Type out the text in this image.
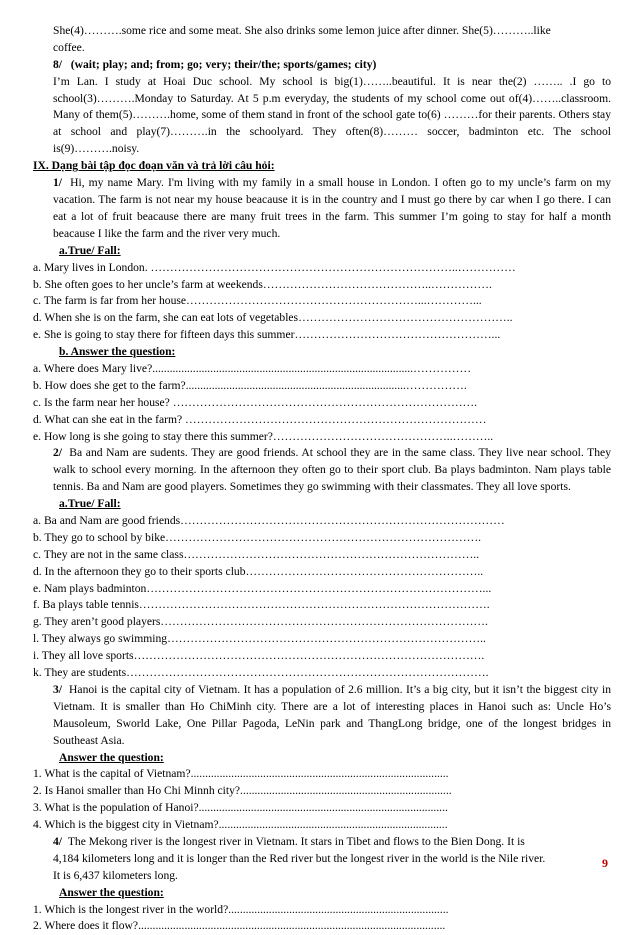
She(4)……….some rice and some meat. She also drinks some lemon juice after dinner. She(5)………..like
coffee.
8/ (wait; play; and; from; go; very; their/the; sports/games; city)
I’m Lan. I study at Hoai Duc school. My school is big(1)……..beautiful. It is near the(2) …….. .I go to school(3)……….Monday to Saturday. At 5 p.m everyday, the students of my school come out of(4)……..classroom. Many of them(5)……….home, some of them stand in front of the school gate to(6) ………for their parents. Others stay at school and play(7)……….in the schoolyard. They often(8)……… soccer, badminton etc. The school is(9)……….noisy.
IX. Dạng bài tập đọc đoạn văn và trả lời câu hỏi:
1/ Hi, my name Mary. I'm living with my family in a small house in London. I often go to my uncle’s farm on my vacation. The farm is not near my house beacause it is in the country and I must go there by car when I go there. I can eat a lot of fruit beacause there are many fruit trees in the farm. This summer I’m going to stay for half a month beacause I like the farm and the river very much.
a.True/ Fall:
a. Mary lives in London. ……………………………………………………………………..……………
b. She often goes to her uncle’s farm at weekends……………………………………..…………….
c. The farm is far from her house……………………………………………………...…………...
d. When she is on the farm, she can eat lots of vegetables………………………………………………..
e. She is going to stay there for fifteen days this summer……………………………………………...
b. Answer the question:
a. Where does Mary live?..........................................................................................……………
b. How does she get to the farm?............................................................................…………….
c. Is the farm near her house? …………………………………………………………………….
d. What can she eat in the farm? ……………………………………………………………………
e. How long is she going to stay there this summer?………………………………………..………..
2/ Ba and Nam are sudents. They are good friends. At school they are in the same class. They live near school. They walk to school every morning. In the afternoon they often go to their sport club. Ba plays badminton. Nam plays table tennis. Ba and Nam are good players. Sometimes they go swimming with their classmates. They all love sports.
a.True/ Fall:
a. Ba and Nam are good friends…………………………………………………………………………
b. They go to school by bike……………………………………………………………………….
c. They are not in the same class…………………………………………………………………..
d. In the afternoon they go to their sports club……………………………………………………..
e. Nam plays badminton……………………………………………………………………………...
f. Ba plays table tennis……………………………………………………………………………….
g. They aren’t good players………………………………………………………………………….
l. They always go swimming………………………………………………………………………..
i. They all love sports……………………………………………………………………………….
k. They are students………………………………………………………………………………….
3/ Hanoi is the capital city of Vietnam. It has a population of 2.6 million. It’s a big city, but it isn’t the biggest city in Vietnam. It is smaller than Ho ChiMinh city. There are a lot of interesting places in Hanoi such as: Uncle Ho’s Mausoleum, Sworld Lake, One Pillar Pagoda, LeNin park and ThangLong bridge, one of the longest bridges in Southeast Asia.
Answer the question:
1. What is the capital of Vietnam?.........................................................................................
2. Is Hanoi smaller than Ho Chi Minnh city?.........................................................................
3. What is the population of Hanoi?......................................................................................
4. Which is the biggest city in Vietnam?...............................................................................
4/ The Mekong river is the longest river in Vietnam. It stars in Tibet and flows to the Bien Dong. It is
4,184 kilometers long and it is longer than the Red river but the longest river in the world is the Nile river.
It is 6,437 kilometers long.
Answer the question:
1. Which is the longest river in the world?............................................................................
2. Where does it flow?..........................................................................................................
9
